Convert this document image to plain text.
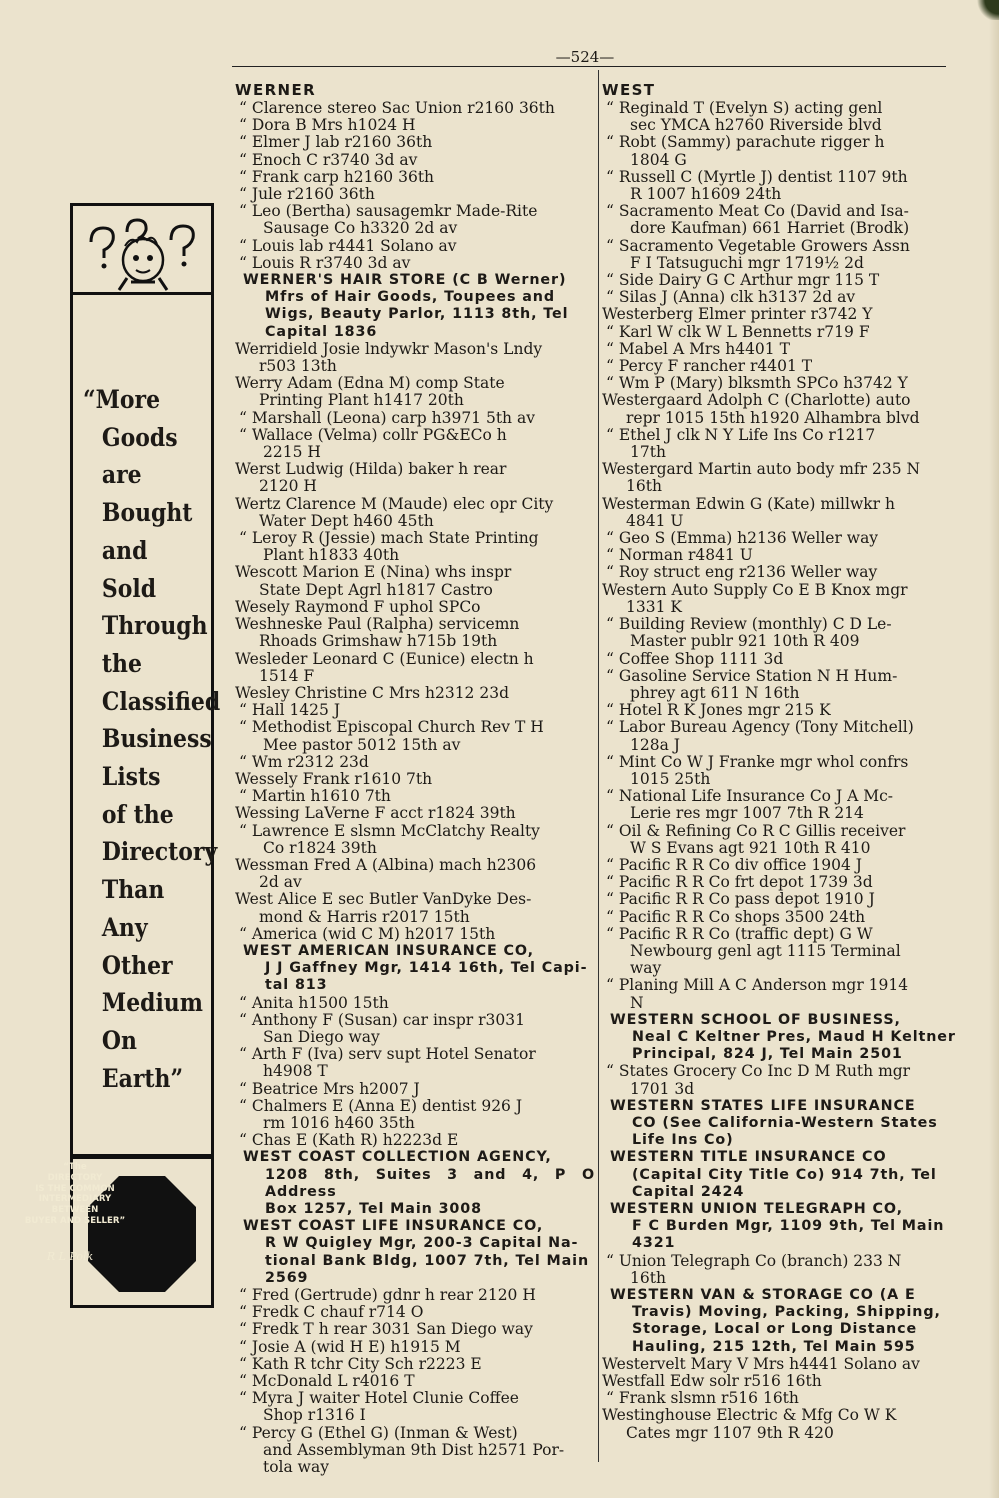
—524—
“More
Goods
are
Bought
and
Sold
Through
the
Classified
Business
Lists
of the
Directory
Than
Any
Other
Medium
On
Earth”
“The
DIRECTORY
IS THE COMMON
INTERMEDIARY
BETWEEN
BUYER AND SELLER”
R L Polk
WERNER
“ Clarence stereo Sac Union r2160 36th
“ Dora B Mrs h1024 H
“ Elmer J lab r2160 36th
“ Enoch C r3740 3d av
“ Frank carp h2160 36th
“ Jule r2160 36th
“ Leo (Bertha) sausagemkr Made-Rite
Sausage Co h3320 2d av
“ Louis lab r4441 Solano av
“ Louis R r3740 3d av
WERNER'S HAIR STORE (C B Werner)
Mfrs of Hair Goods, Toupees and
Wigs, Beauty Parlor, 1113 8th, Tel
Capital 1836
Werridield Josie lndywkr Mason's Lndy
r503 13th
Werry Adam (Edna M) comp State
Printing Plant h1417 20th
“ Marshall (Leona) carp h3971 5th av
“ Wallace (Velma) collr PG&ECo h
2215 H
Werst Ludwig (Hilda) baker h rear
2120 H
Wertz Clarence M (Maude) elec opr City
Water Dept h460 45th
“ Leroy R (Jessie) mach State Printing
Plant h1833 40th
Wescott Marion E (Nina) whs inspr
State Dept Agrl h1817 Castro
Wesely Raymond F uphol SPCo
Weshneske Paul (Ralpha) servicemn
Rhoads Grimshaw h715b 19th
Wesleder Leonard C (Eunice) electn h
1514 F
Wesley Christine C Mrs h2312 23d
“ Hall 1425 J
“ Methodist Episcopal Church Rev T H
Mee pastor 5012 15th av
“ Wm r2312 23d
Wessely Frank r1610 7th
“ Martin h1610 7th
Wessing LaVerne F acct r1824 39th
“ Lawrence E slsmn McClatchy Realty
Co r1824 39th
Wessman Fred A (Albina) mach h2306
2d av
West Alice E sec Butler VanDyke Des-
mond & Harris r2017 15th
“ America (wid C M) h2017 15th
WEST AMERICAN INSURANCE CO,
J J Gaffney Mgr, 1414 16th, Tel Capi-
tal 813
“ Anita h1500 15th
“ Anthony F (Susan) car inspr r3031
San Diego way
“ Arth F (Iva) serv supt Hotel Senator
h4908 T
“ Beatrice Mrs h2007 J
“ Chalmers E (Anna E) dentist 926 J
rm 1016 h460 35th
“ Chas E (Kath R) h2223d E
WEST COAST COLLECTION AGENCY,
1208 8th, Suites 3 and 4, P O Address
Box 1257, Tel Main 3008
WEST COAST LIFE INSURANCE CO,
R W Quigley Mgr, 200-3 Capital Na-
tional Bank Bldg, 1007 7th, Tel Main
2569
“ Fred (Gertrude) gdnr h rear 2120 H
“ Fredk C chauf r714 O
“ Fredk T h rear 3031 San Diego way
“ Josie A (wid H E) h1915 M
“ Kath R tchr City Sch r2223 E
“ McDonald L r4016 T
“ Myra J waiter Hotel Clunie Coffee
Shop r1316 I
“ Percy G (Ethel G) (Inman & West)
and Assemblyman 9th Dist h2571 Por-
tola way
WEST
“ Reginald T (Evelyn S) acting genl
sec YMCA h2760 Riverside blvd
“ Robt (Sammy) parachute rigger h
1804 G
“ Russell C (Myrtle J) dentist 1107 9th
R 1007 h1609 24th
“ Sacramento Meat Co (David and Isa-
dore Kaufman) 661 Harriet (Brodk)
“ Sacramento Vegetable Growers Assn
F I Tatsuguchi mgr 1719½ 2d
“ Side Dairy G C Arthur mgr 115 T
“ Silas J (Anna) clk h3137 2d av
Westerberg Elmer printer r3742 Y
“ Karl W clk W L Bennetts r719 F
“ Mabel A Mrs h4401 T
“ Percy F rancher r4401 T
“ Wm P (Mary) blksmth SPCo h3742 Y
Westergaard Adolph C (Charlotte) auto
repr 1015 15th h1920 Alhambra blvd
“ Ethel J clk N Y Life Ins Co r1217
17th
Westergard Martin auto body mfr 235 N
16th
Westerman Edwin G (Kate) millwkr h
4841 U
“ Geo S (Emma) h2136 Weller way
“ Norman r4841 U
“ Roy struct eng r2136 Weller way
Western Auto Supply Co E B Knox mgr
1331 K
“ Building Review (monthly) C D Le-
Master publr 921 10th R 409
“ Coffee Shop 1111 3d
“ Gasoline Service Station N H Hum-
phrey agt 611 N 16th
“ Hotel R K Jones mgr 215 K
“ Labor Bureau Agency (Tony Mitchell)
128a J
“ Mint Co W J Franke mgr whol confrs
1015 25th
“ National Life Insurance Co J A Mc-
Lerie res mgr 1007 7th R 214
“ Oil & Refining Co R C Gillis receiver
W S Evans agt 921 10th R 410
“ Pacific R R Co div office 1904 J
“ Pacific R R Co frt depot 1739 3d
“ Pacific R R Co pass depot 1910 J
“ Pacific R R Co shops 3500 24th
“ Pacific R R Co (traffic dept) G W
Newbourg genl agt 1115 Terminal
way
“ Planing Mill A C Anderson mgr 1914
N
WESTERN SCHOOL OF BUSINESS,
Neal C Keltner Pres, Maud H Keltner
Principal, 824 J, Tel Main 2501
“ States Grocery Co Inc D M Ruth mgr
1701 3d
WESTERN STATES LIFE INSURANCE
CO (See California-Western States
Life Ins Co)
WESTERN TITLE INSURANCE CO
(Capital City Title Co) 914 7th, Tel
Capital 2424
WESTERN UNION TELEGRAPH CO,
F C Burden Mgr, 1109 9th, Tel Main
4321
“ Union Telegraph Co (branch) 233 N
16th
WESTERN VAN & STORAGE CO (A E
Travis) Moving, Packing, Shipping,
Storage, Local or Long Distance
Hauling, 215 12th, Tel Main 595
Westervelt Mary V Mrs h4441 Solano av
Westfall Edw solr r516 16th
“ Frank slsmn r516 16th
Westinghouse Electric & Mfg Co W K
Cates mgr 1107 9th R 420
